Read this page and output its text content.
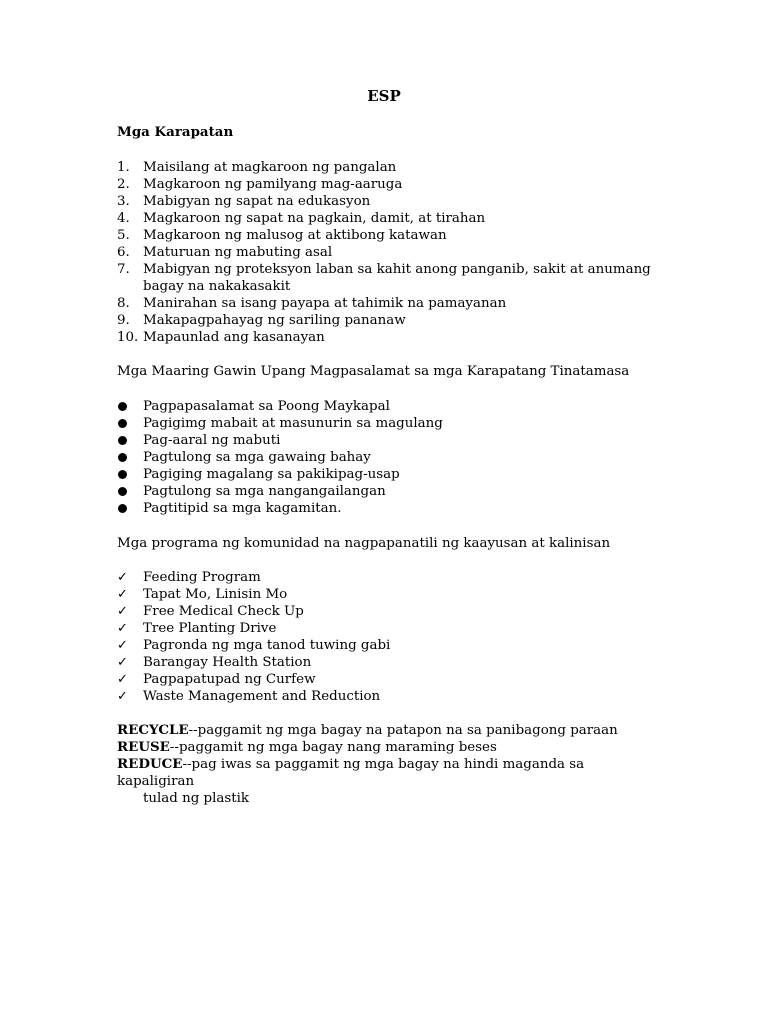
ESP

Mga Karapatan

1. Maisilang at magkaroon ng pangalan
2. Magkaroon ng pamilyang mag-aaruga
3. Mabigyan ng sapat na edukasyon
4. Magkaroon ng sapat na pagkain, damit, at tirahan
5. Magkaroon ng malusog at aktibong katawan
6. Maturuan ng mabuting asal
7. Mabigyan ng proteksyon laban sa kahit anong panganib, sakit at anumang bagay na nakakasakit
8. Manirahan sa isang payapa at tahimik na pamayanan
9. Makapagpahayag ng sariling pananaw
10. Mapaunlad ang kasanayan

Mga Maaring Gawin Upang Magpasalamat sa mga Karapatang Tinatamasa

Pagpapasalamat sa Poong Maykapal
Pagigimg mabait at masunurin sa magulang
Pag-aaral ng mabuti
Pagtulong sa mga gawaing bahay
Pagiging magalang sa pakikipag-usap
Pagtulong sa mga nangangailangan
Pagtitipid sa mga kagamitan.

Mga programa ng komunidad na nagpapanatili ng kaayusan at kalinisan

✓ Feeding Program
✓ Tapat Mo, Linisin Mo
✓ Free Medical Check Up
✓ Tree Planting Drive
✓ Pagronda ng mga tanod tuwing gabi
✓ Barangay Health Station
✓ Pagpapatupad ng Curfew
✓ Waste Management and Reduction
RECYCLE--paggamit ng mga bagay na patapon na sa panibagong paraan
REUSE--paggamit ng mga bagay nang maraming beses
REDUCE--pag iwas sa paggamit ng mga bagay na hindi maganda sa kapaligiran
tulad ng plastik
